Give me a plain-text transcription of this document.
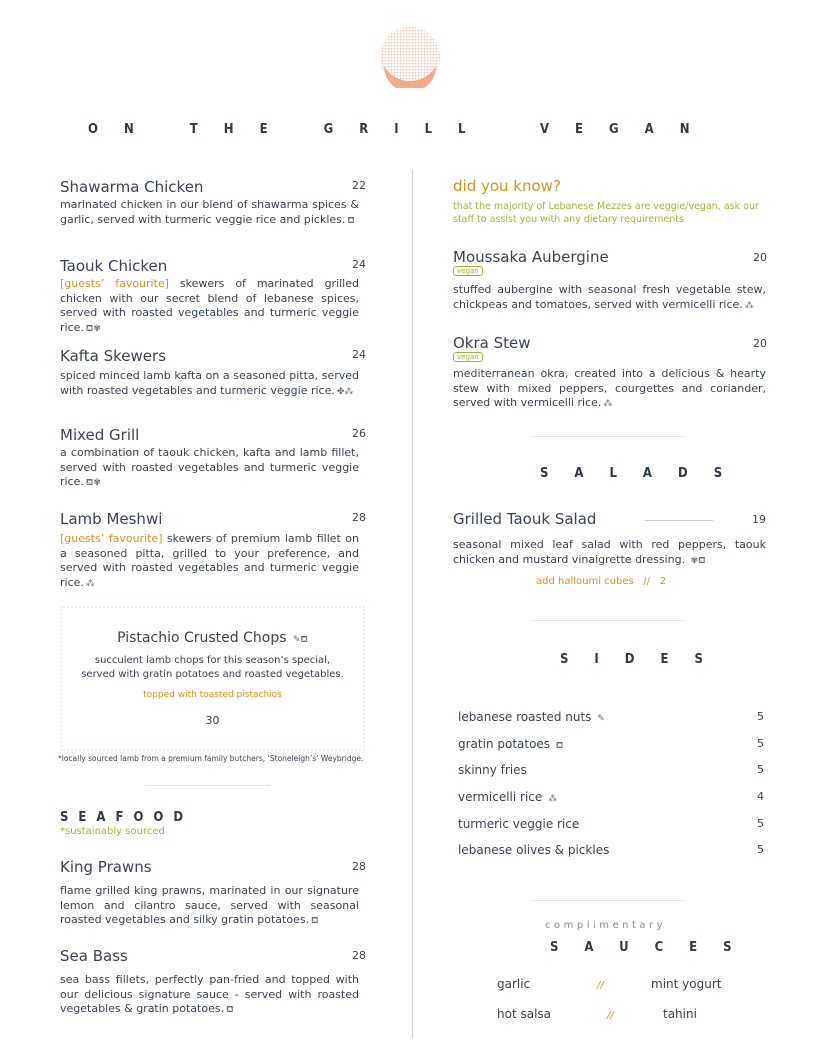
ON THE GRILL	VEGAN
Shawarma Chicken	22
marinated chicken in our blend of shawarma spices & garlic, served with turmeric veggie rice and pickles. ⛾
Taouk Chicken	24
[guests’ favourite] skewers of marinated grilled chicken with our secret blend of lebanese spices, served with roasted vegetables and turmeric veggie rice. ⛾✾
Kafta Skewers	24
spiced minced lamb kafta on a seasoned pitta, served with roasted vegetables and turmeric veggie rice. ✤⁂
Mixed Grill	26
a combination of taouk chicken, kafta and lamb fillet, served with roasted vegetables and turmeric veggie rice. ⛾✾
Lamb Meshwi	28
[guests’ favourite] skewers of premium lamb fillet on a seasoned pitta, grilled to your preference, and served with roasted vegetables and turmeric veggie rice. ⁂
Pistachio Crusted Chops ✎⛾
succulent lamb chops for this season’s special, served with gratin potatoes and roasted vegetables.
topped with toasted pistachios
30
*locally sourced lamb from a premium family butchers, ‘Stoneleigh’s’ Weybridge.
SEAFOOD
*sustainably sourced
King Prawns	28
flame grilled king prawns, marinated in our signature lemon and cilantro sauce, served with seasonal roasted vegetables and silky gratin potatoes. ⛾
Sea Bass	28
sea bass fillets, perfectly pan-fried and topped with our delicious signature sauce - served with roasted vegetables & gratin potatoes. ⛾
did you know?
that the majority of Lebanese Mezzes are veggie/vegan, ask our staff to assist you with any dietary requirements
Moussaka Aubergine	20
vegan
stuffed aubergine with seasonal fresh vegetable stew, chickpeas and tomatoes, served with vermicelli rice. ⁂
Okra Stew	20
vegan
mediterranean okra, created into a delicious & hearty stew with mixed peppers, courgettes and coriander, served with vermicelli rice. ⁂
SALADS
Grilled Taouk Salad	19
seasonal mixed leaf salad with red peppers, taouk chicken and mustard vinaigrette dressing. ✾⛾
add halloumi cubes // 2
SIDES
lebanese roasted nuts ✎	5
gratin potatoes ⛾	5
skinny fries	5
vermicelli rice ⁂	4
turmeric veggie rice	5
lebanese olives & pickles	5
complimentary
SAUCES
garlic	//	mint yogurt
hot salsa	//	tahini
